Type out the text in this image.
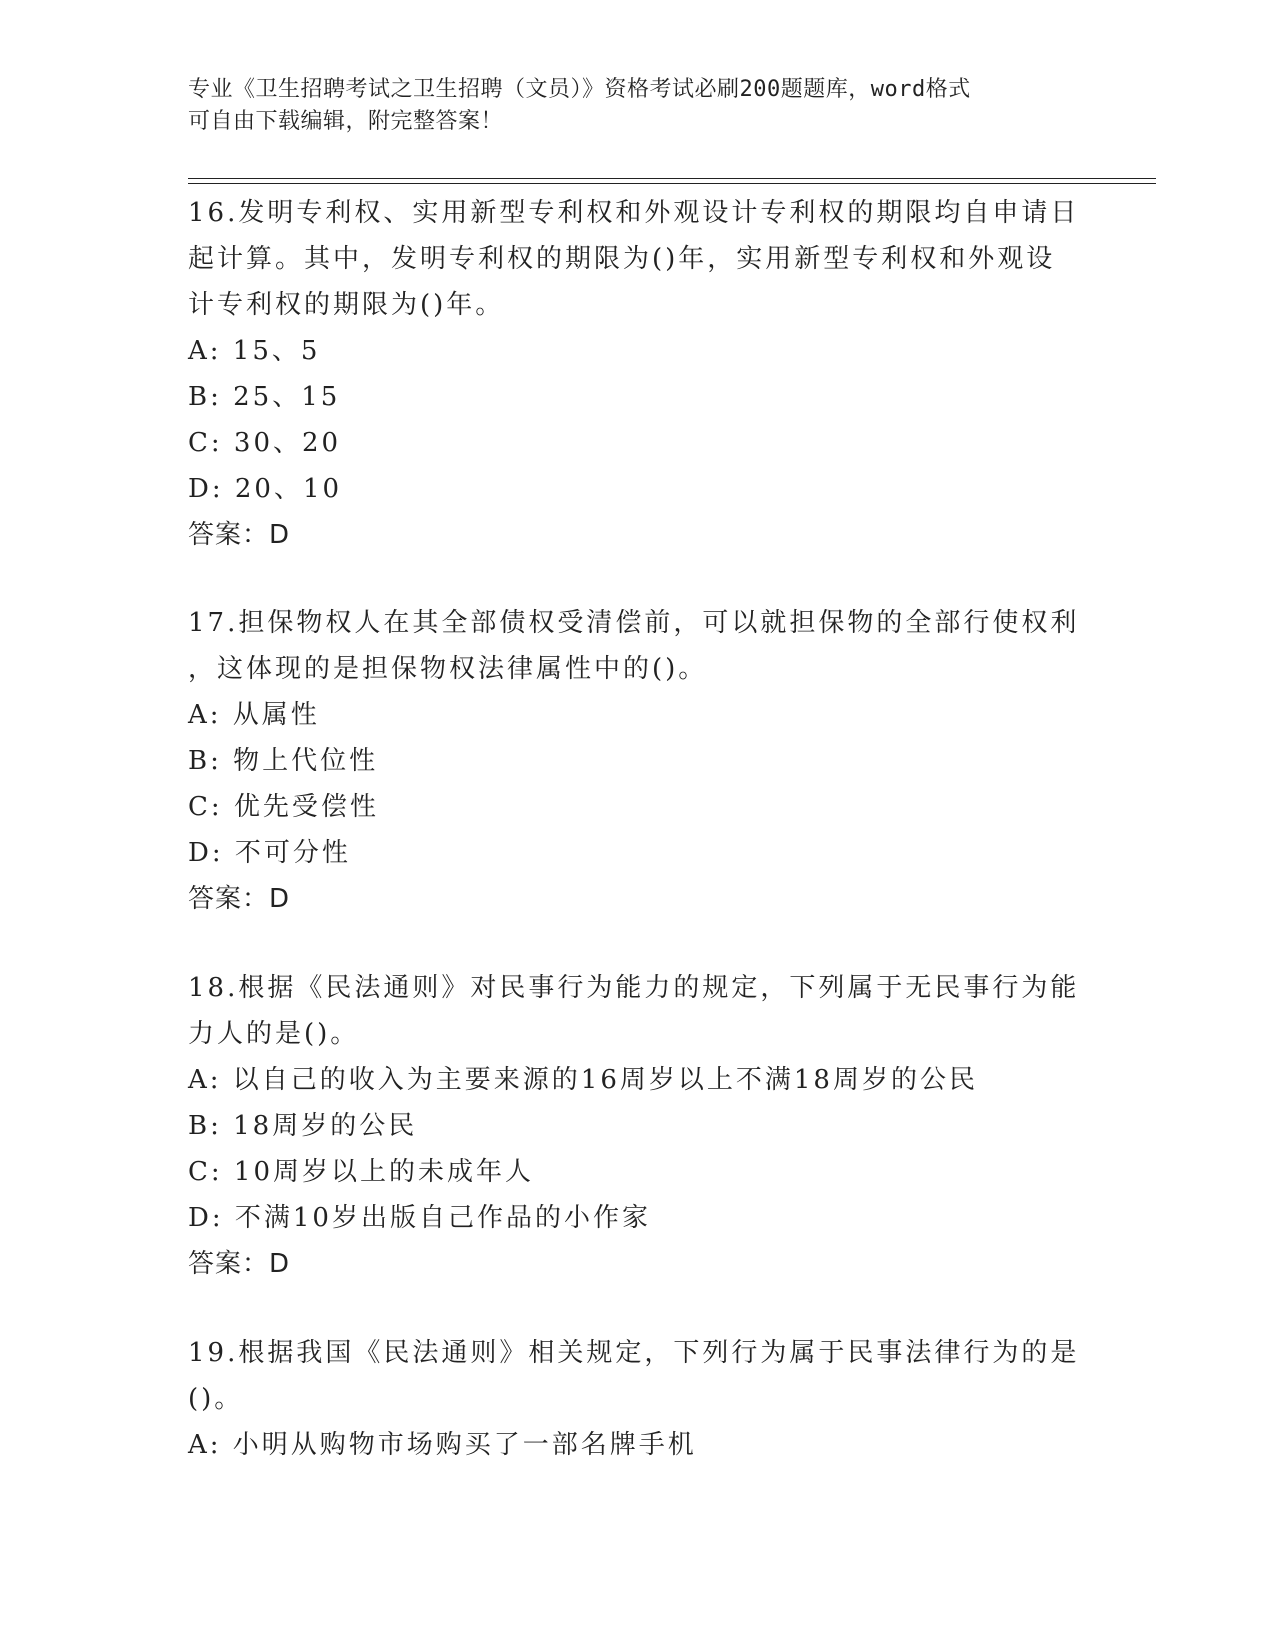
专业《卫生招聘考试之卫生招聘（文员）》资格考试必刷200题题库，word格式
可自由下载编辑，附完整答案！

16.发明专利权、实用新型专利权和外观设计专利权的期限均自申请日

起计算。其中，发明专利权的期限为()年，实用新型专利权和外观设

计专利权的期限为()年。

A: 15、5

B: 25、15

C: 30、20

D: 20、10

答案：D

17.担保物权人在其全部债权受清偿前，可以就担保物的全部行使权利

，这体现的是担保物权法律属性中的()。

A: 从属性

B: 物上代位性

C: 优先受偿性

D: 不可分性

答案：D

18.根据《民法通则》对民事行为能力的规定，下列属于无民事行为能

力人的是()。

A: 以自己的收入为主要来源的16周岁以上不满18周岁的公民

B: 18周岁的公民

C: 10周岁以上的未成年人

D: 不满10岁出版自己作品的小作家

答案：D

19.根据我国《民法通则》相关规定，下列行为属于民事法律行为的是

()。

A: 小明从购物市场购买了一部名牌手机
